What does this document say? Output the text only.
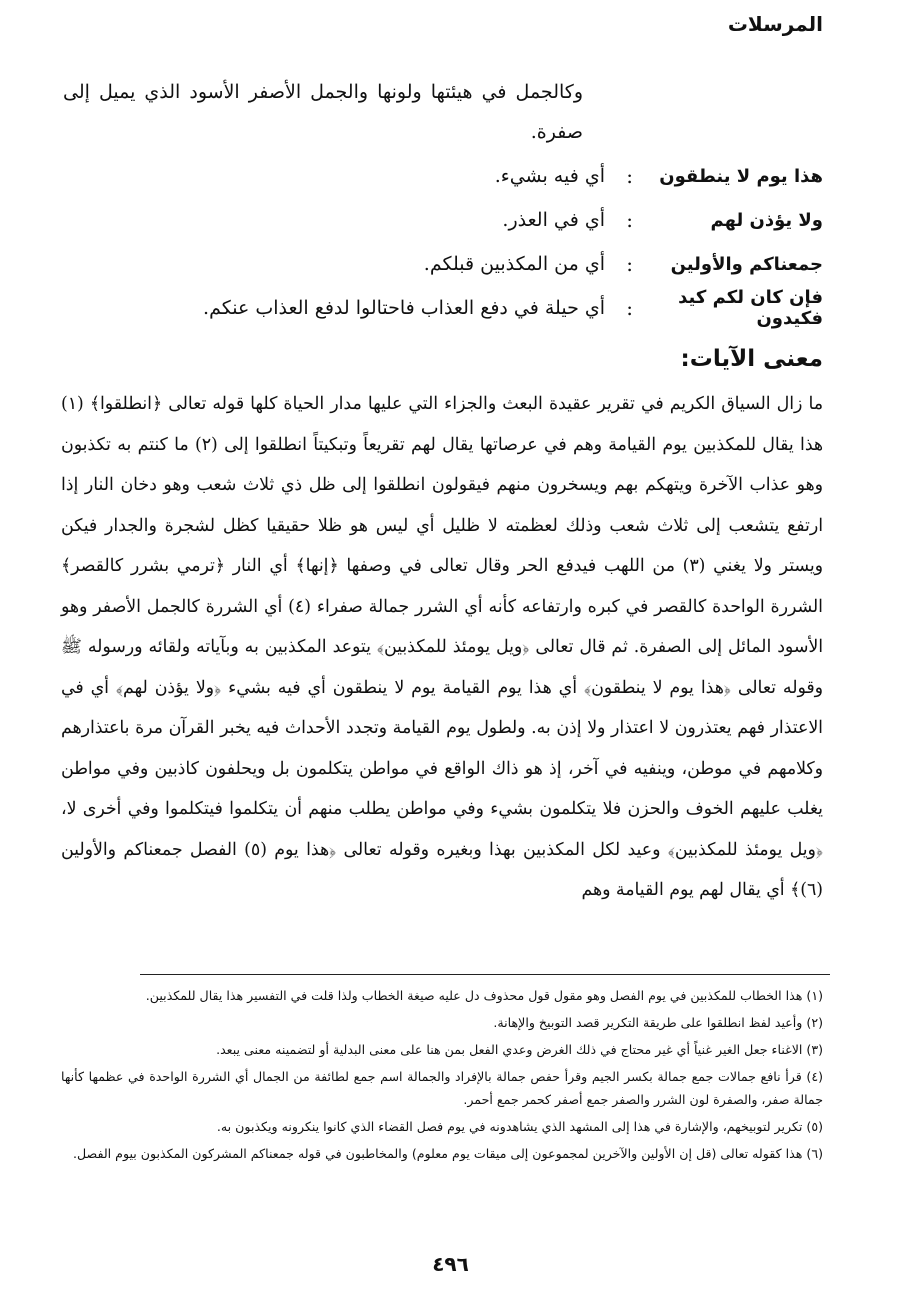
المرسلات

وكالجمل في هيئتها ولونها والجمل الأصفر الأسود الذي يميل إلى صفرة.

هذا يوم لا ينطقون
:
أي فيه بشيء.
ولا يؤذن لهم
:
أي في العذر.
جمعناكم والأولين
:
أي من المكذبين قبلكم.
فإن كان لكم كيد فكيدون
:
أي حيلة في دفع العذاب فاحتالوا لدفع العذاب عنكم.
معنى الآيات:

ما زال السياق الكريم في تقرير عقيدة البعث والجزاء التي عليها مدار الحياة كلها قوله تعالى ﴿انطلقوا﴾ (١) هذا يقال للمكذبين يوم القيامة وهم في عرصاتها يقال لهم تقريعاً وتبكيتاً انطلقوا إلى (٢) ما كنتم به تكذبون وهو عذاب الآخرة ويتهكم بهم ويسخرون منهم فيقولون انطلقوا إلى ظل ذي ثلاث شعب وهو دخان النار إذا ارتفع يتشعب إلى ثلاث شعب وذلك لعظمته لا ظليل أي ليس هو ظلا حقيقيا كظل لشجرة والجدار فيكن ويستر ولا يغني (٣) من اللهب فيدفع الحر وقال تعالى في وصفها ﴿إنها﴾ أي النار ﴿ترمي بشرر كالقصر﴾ الشررة الواحدة كالقصر في كبره وارتفاعه كأنه أي الشرر جمالة صفراء (٤) أي الشررة كالجمل الأصفر وهو الأسود المائل إلى الصفرة. ثم قال تعالى ﴿ويل يومئذ للمكذبين﴾ يتوعد المكذبين به وبآياته ولقائه ورسوله ﷺ وقوله تعالى ﴿هذا يوم لا ينطقون﴾ أي هذا يوم القيامة يوم لا ينطقون أي فيه بشيء ﴿ولا يؤذن لهم﴾ أي في الاعتذار فهم يعتذرون لا اعتذار ولا إذن به. ولطول يوم القيامة وتجدد الأحداث فيه يخبر القرآن مرة باعتذارهم وكلامهم في موطن، وينفيه في آخر، إذ هو ذاك الواقع في مواطن يتكلمون بل ويحلفون كاذبين وفي مواطن يغلب عليهم الخوف والحزن فلا يتكلمون بشيء وفي مواطن يطلب منهم أن يتكلموا فيتكلموا وفي أخرى لا، ﴿ويل يومئذ للمكذبين﴾ وعيد لكل المكذبين بهذا وبغيره وقوله تعالى ﴿هذا يوم (٥) الفصل جمعناكم والأولين (٦)﴾ أي يقال لهم يوم القيامة وهم

(١) هذا الخطاب للمكذبين في يوم الفصل وهو مقول قول محذوف دل عليه صيغة الخطاب ولذا قلت في التفسير هذا يقال للمكذبين.

(٢) وأعيد لفظ انطلقوا على طريقة التكرير قصد التوبيخ والإهانة.

(٣) الاغناء جعل الغير غنياً أي غير محتاج في ذلك الغرض وعدي الفعل بمن هنا على معنى البدلية أو لتضمينه معنى يبعد.

(٤) قرأ نافع جمالات جمع جمالة بكسر الجيم وقرأ حفص جمالة بالإفراد والجمالة اسم جمع لطائفة من الجمال أي الشررة الواحدة في عظمها كأنها جمالة صفر، والصفرة لون الشرر والصفر جمع أصفر كحمر جمع أحمر.

(٥) تكرير لتوبيخهم، والإشارة في هذا إلى المشهد الذي يشاهدونه في يوم فصل القضاء الذي كانوا ينكرونه ويكذبون به.

(٦) هذا كقوله تعالى (قل إن الأولين والآخرين لمجموعون إلى ميقات يوم معلوم) والمخاطبون في قوله جمعناكم المشركون المكذبون بيوم الفصل.

٤٩٦
